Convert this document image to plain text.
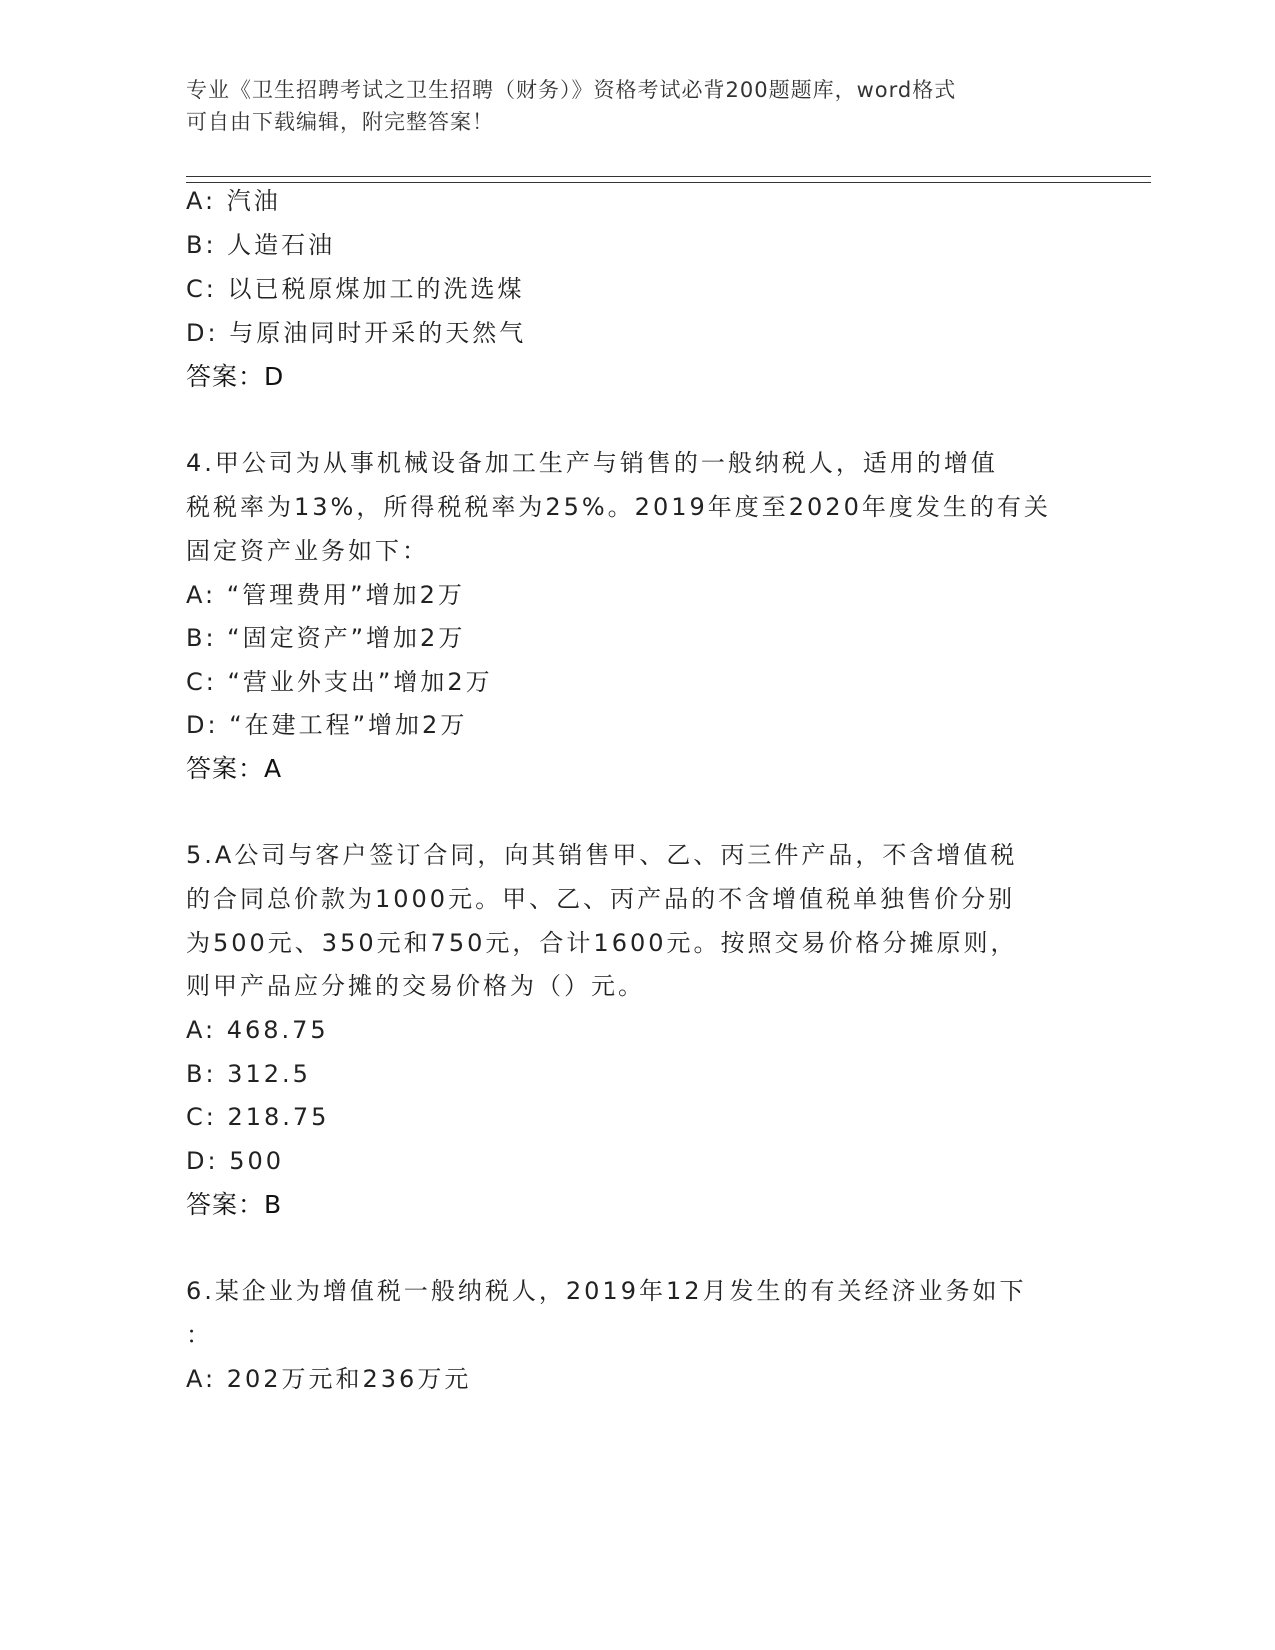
专业《卫生招聘考试之卫生招聘（财务）》资格考试必背200题题库，word格式
可自由下载编辑，附完整答案！
A: 汽油
B: 人造石油
C: 以已税原煤加工的洗选煤
D: 与原油同时开采的天然气
答案：D
4.甲公司为从事机械设备加工生产与销售的一般纳税人，适用的增值
税税率为13%，所得税税率为25%。2019年度至2020年度发生的有关
固定资产业务如下：
A: “管理费用”增加2万
B: “固定资产”增加2万
C: “营业外支出”增加2万
D: “在建工程”增加2万
答案：A
5.A公司与客户签订合同，向其销售甲、乙、丙三件产品，不含增值税
的合同总价款为1000元。甲、乙、丙产品的不含增值税单独售价分别
为500元、350元和750元，合计1600元。按照交易价格分摊原则，
则甲产品应分摊的交易价格为（）元。
A: 468.75
B: 312.5
C: 218.75
D: 500
答案：B
6.某企业为增值税一般纳税人，2019年12月发生的有关经济业务如下
：
A: 202万元和236万元
